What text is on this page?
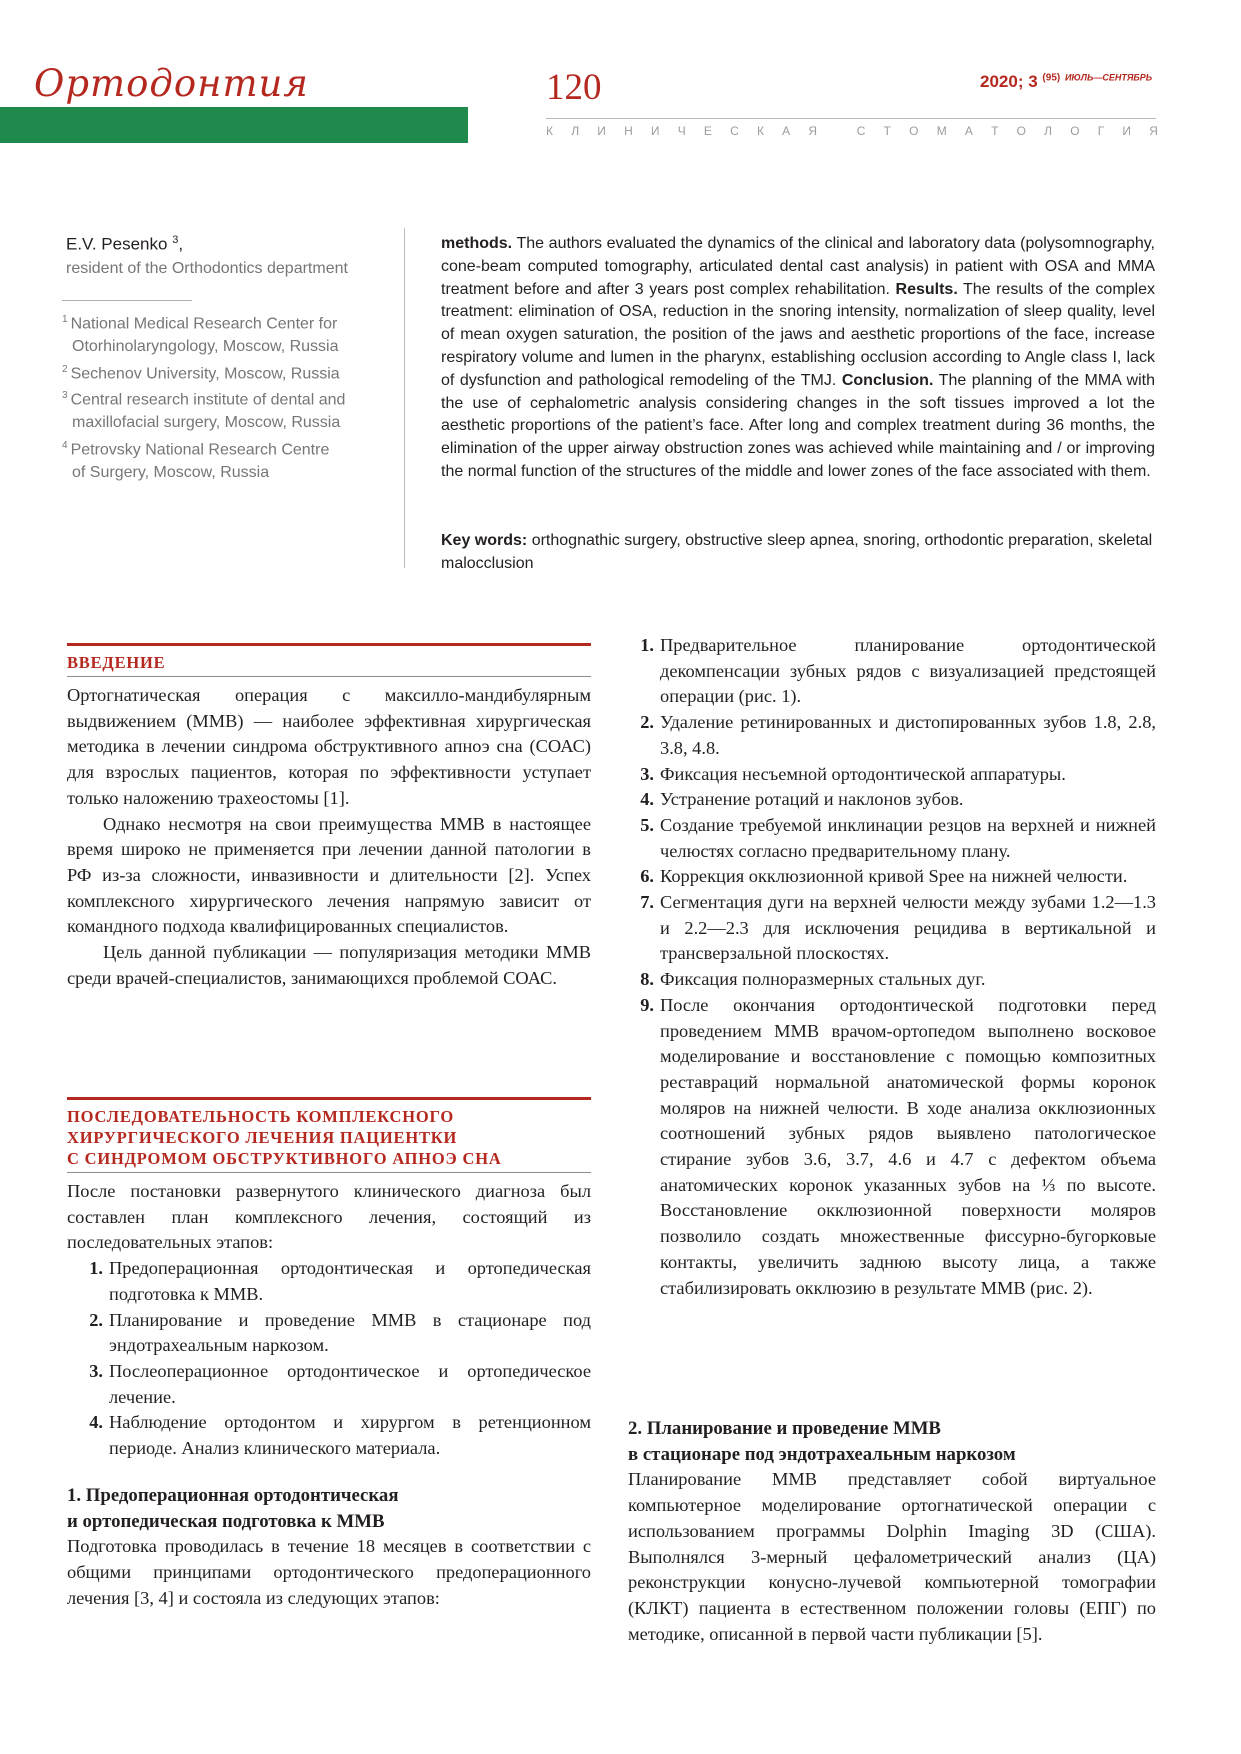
Ортодонтия	120	2020; 3 $^{(95)}$ $^{ИЮЛЬ—СЕНТЯБРЬ}$
К Л И Н И Ч Е С К А Я
	С Т О М А Т О Л О Г И Я
E.V. Pesenko $^3$,
resident of the Orthodontics department
$^1$ National Medical Research Center for
Otorhinolaryngology, Moscow, Russia
$^2$ Sechenov University, Moscow, Russia
$^3$ Central research institute of dental and
maxillofacial surgery, Moscow, Russia
$^4$ Petrovsky National Research Centre
of Surgery, Moscow, Russia
methods. The authors evaluated the dynamics of the clinical and laboratory data (polysomnography, cone-beam computed tomography, articulated dental cast analysis) in patient with OSA and MMA treatment before and after 3 years post complex rehabilitation. Results. The results of the complex treatment: elimination of OSA, reduction in the snoring intensity, normalization of sleep quality, level of mean oxygen saturation, the position of the jaws and aesthetic proportions of the face, increase respiratory volume and lumen in the pharynx, establishing occlusion according to Angle class I, lack of dysfunction and pathological remodeling of the TMJ. Conclusion. The planning of the MMA with the use of cephalometric analysis considering changes in the soft tissues improved a lot the aesthetic proportions of the patient’s face. After long and complex treatment during 36 months, the elimination of the upper airway obstruction zones was achieved while maintaining and / or improving the normal function of the structures of the middle and lower zones of the face associated with them.
Key words: orthognathic surgery, obstructive sleep apnea, snoring, orthodontic preparation, skeletal malocclusion
ВВЕДЕНИЕ

Ортогнатическая операция с максилло-мандибулярным выдвижением (ММВ) — наиболее эффективная хирургическая методика в лечении синдрома обструктивного апноэ сна (СОАС) для взрослых пациентов, которая по эффективности уступает только наложению трахеостомы [1].

Однако несмотря на свои преимущества ММВ в настоящее время широко не применяется при лечении данной патологии в РФ из-за сложности, инвазивности и длительности [2]. Успех комплексного хирургического лечения напрямую зависит от командного подхода квалифицированных специалистов.

Цель данной публикации — популяризация методики ММВ среди врачей-специалистов, занимающихся проблемой СОАС.

ПОСЛЕДОВАТЕЛЬНОСТЬ КОМПЛЕКСНОГО
ХИРУРГИЧЕСКОГО ЛЕЧЕНИЯ ПАЦИЕНТКИ
С СИНДРОМОМ ОБСТРУКТИВНОГО АПНОЭ СНА

После постановки развернутого клинического диагноза был составлен план комплексного лечения, состоящий из последовательных этапов:

1. Предоперационная ортодонтическая и ортопедическая подготовка к ММВ.
2. Планирование и проведение ММВ в стационаре под эндотрахеальным наркозом.
3. Послеоперационное ортодонтическое и ортопедическое лечение.
4. Наблюдение ортодонтом и хирургом в ретенционном периоде. Анализ клинического материала.
1. Предоперационная ортодонтическая
и ортопедическая подготовка к ММВ

Подготовка проводилась в течение 18 месяцев в соответствии с общими принципами ортодонтического предоперационного лечения [3, 4] и состояла из следующих этапов:

1. Предварительное планирование ортодонтической декомпенсации зубных рядов с визуализацией предстоящей операции (рис. 1).
2. Удаление ретинированных и дистопированных зубов 1.8, 2.8, 3.8, 4.8.
3. Фиксация несъемной ортодонтической аппаратуры.
4. Устранение ротаций и наклонов зубов.
5. Создание требуемой инклинации резцов на верхней и нижней челюстях согласно предварительному плану.
6. Коррекция окклюзионной кривой Spee на нижней челюсти.
7. Сегментация дуги на верхней челюсти между зубами 1.2—1.3 и 2.2—2.3 для исключения рецидива в вертикальной и трансверзальной плоскостях.
8. Фиксация полноразмерных стальных дуг.
9. После окончания ортодонтической подготовки перед проведением ММВ врачом-ортопедом выполнено восковое моделирование и восстановление с помощью композитных реставраций нормальной анатомической формы коронок моляров на нижней челюсти. В ходе анализа окклюзионных соотношений зубных рядов выявлено патологическое стирание зубов 3.6, 3.7, 4.6 и 4.7 с дефектом объема анатомических коронок указанных зубов на ⅓ по высоте. Восстановление окклюзионной поверхности моляров позволило создать множественные фиссурно-бугорковые контакты, увеличить заднюю высоту лица, а также стабилизировать окклюзию в результате ММВ (рис. 2).
2. Планирование и проведение ММВ
в стационаре под эндотрахеальным наркозом

Планирование ММВ представляет собой виртуальное компьютерное моделирование ортогнатической операции с использованием программы Dolphin Imaging 3D (США). Выполнялся 3-мерный цефалометрический анализ (ЦА) реконструкции конусно-лучевой компьютерной томографии (КЛКТ) пациента в естественном положении головы (ЕПГ) по методике, описанной в первой части публикации [5].
